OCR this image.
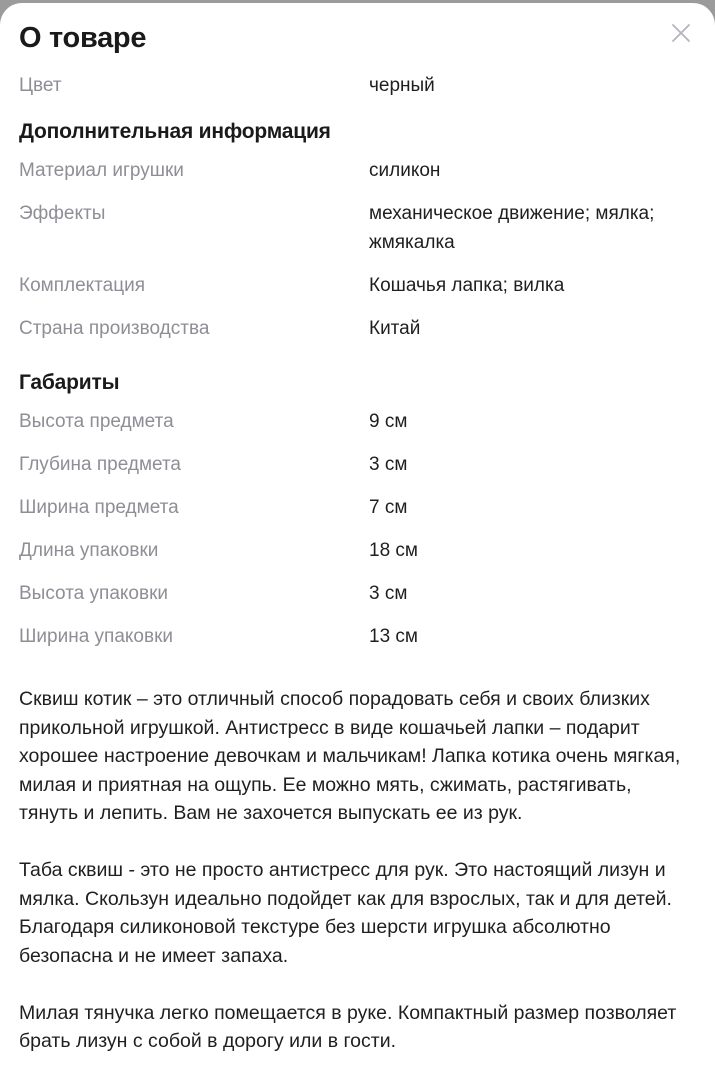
О товаре
Цвет	черный
Дополнительная информация
Материал игрушки	силикон
Эффекты	механическое движение; мялка; жмякалка
Комплектация	Кошачья лапка; вилка
Страна производства	Китай
Габариты
Высота предмета	9 см
Глубина предмета	3 см
Ширина предмета	7 см
Длина упаковки	18 см
Высота упаковки	3 см
Ширина упаковки	13 см

Сквиш котик – это отличный способ порадовать себя и своих близких прикольной игрушкой. Антистресс в виде кошачьей лапки – подарит хорошее настроение девочкам и мальчикам! Лапка котика очень мягкая, милая и приятная на ощупь. Ее можно мять, сжимать, растягивать, тянуть и лепить. Вам не захочется выпускать ее из рук.

Таба сквиш - это не просто антистресс для рук. Это настоящий лизун и мялка. Скользун идеально подойдет как для взрослых, так и для детей. Благодаря силиконовой текстуре без шерсти игрушка абсолютно безопасна и не имеет запаха.

Милая тянучка легко помещается в руке. Компактный размер позволяет брать лизун с собой в дорогу или в гости.
